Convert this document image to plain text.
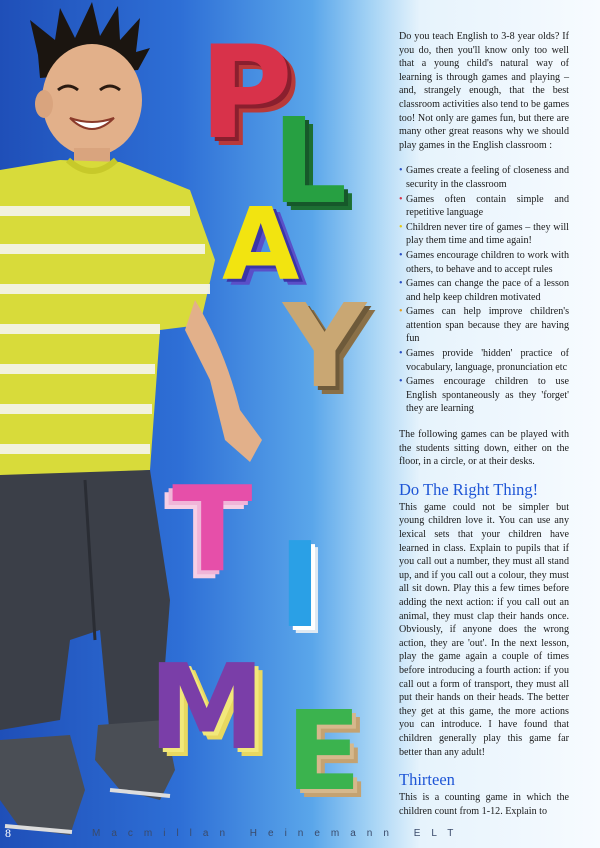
P
L
A
Y
T I
M E

Do you teach English to 3-8 year olds? If you do, then you'll know only too well that a young child's natural way of learning is through games and playing – and, strangely enough, that the best classroom activities also tend to be games too! Not only are games fun, but there are many other great reasons why we should play games in the English classroom :

• Games create a feeling of closeness and security in the classroom
• Games often contain simple and repetitive language
• Children never tire of games – they will play them time and time again!
• Games encourage children to work with others, to behave and to accept rules
• Games can change the pace of a lesson and help keep children motivated
• Games can help improve children's attention span because they are having fun
• Games provide 'hidden' practice of vocabulary, language, pronunciation etc
• Games encourage children to use English spontaneously as they 'forget' they are learning

The following games can be played with the students sitting down, either on the floor, in a circle, or at their desks.

Do The Right Thing!

This game could not be simpler but young children love it. You can use any lexical sets that your children have learned in class. Explain to pupils that if you call out a number, they must all stand up, and if you call out a colour, they must all sit down. Play this a few times before adding the next action: if you call out an animal, they must clap their hands once. Obviously, if anyone does the wrong action, they are 'out'. In the next lesson, play the game again a couple of times before introducing a fourth action: if you call out a form of transport, they must all put their hands on their heads. The better they get at this game, the more actions you can introduce. I have found that children generally play this game far better than any adult!

Thirteen

This is a counting game in which the children count from 1-12. Explain to

8	Macmillan Heinemann ELT
